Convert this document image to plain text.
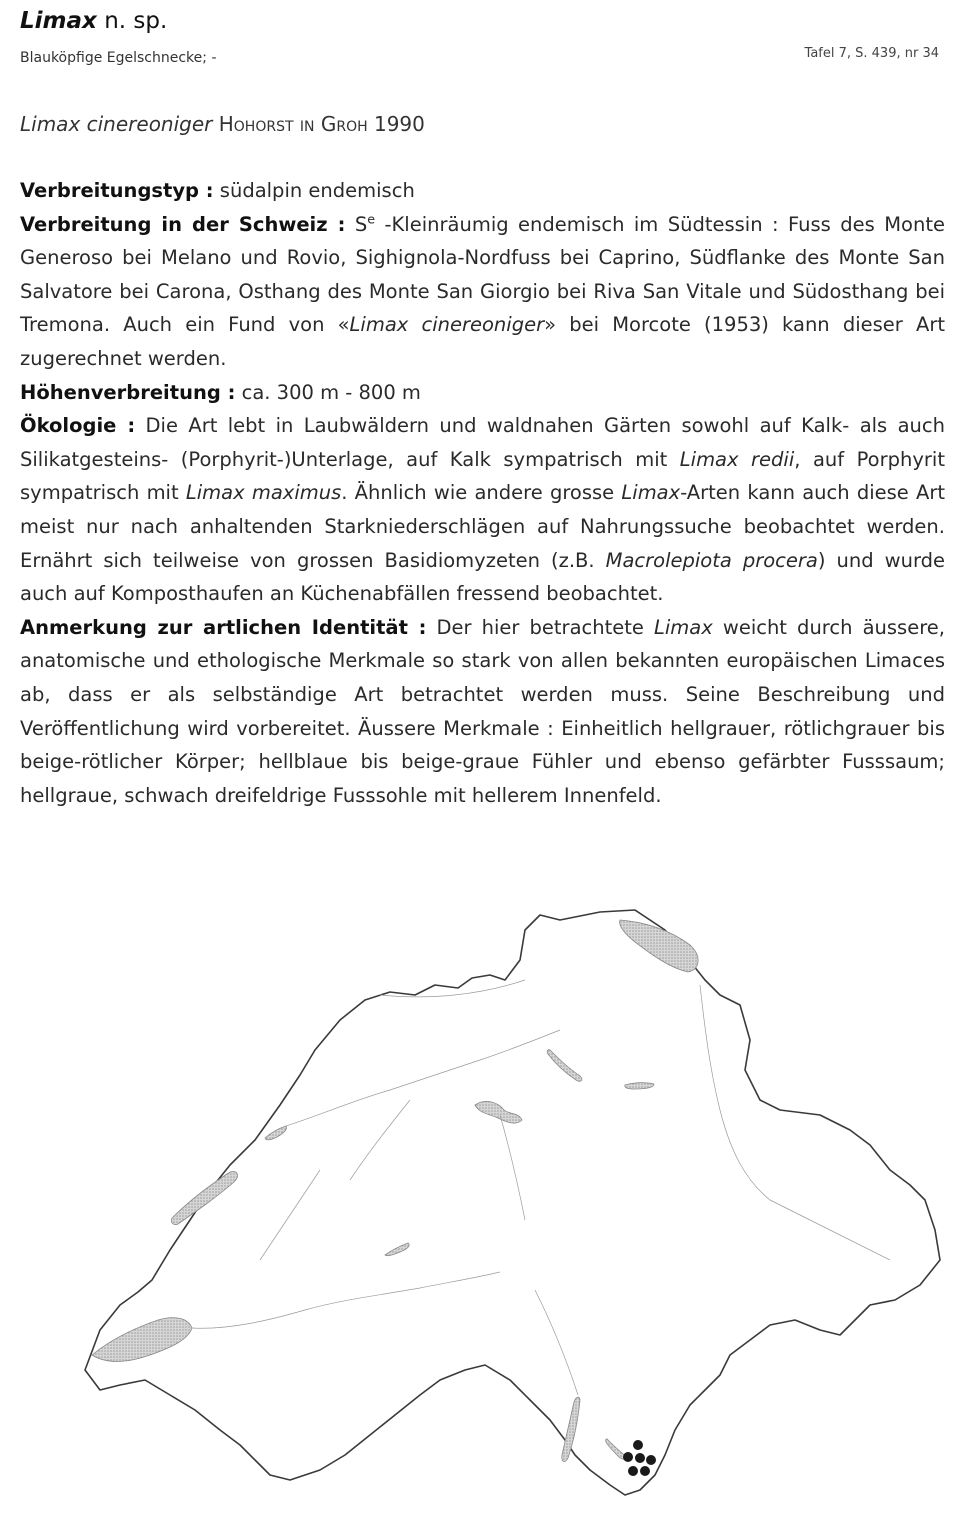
Limax n. sp.
Blauköpfige Egelschnecke; -	Tafel 7, S. 439, nr 34
Limax cinereoniger Hohorst in Groh 1990

Verbreitungstyp : südalpin endemisch

Verbreitung in der Schweiz : $S^e$ -Kleinräumig endemisch im Südtessin : Fuss des Monte Generoso bei Melano und Rovio, Sighignola-Nordfuss bei Caprino, Südflanke des Monte San Salvatore bei Carona, Osthang des Monte San Giorgio bei Riva San Vitale und Südosthang bei Tremona. Auch ein Fund von «Limax cinereoniger» bei Morcote (1953) kann dieser Art zugerechnet werden.

Höhenverbreitung : ca. 300 m - 800 m

Ökologie : Die Art lebt in Laubwäldern und waldnahen Gärten sowohl auf Kalk- als auch Silikatgesteins- (Porphyrit-)Unterlage, auf Kalk sympatrisch mit Limax redii, auf Porphyrit sympatrisch mit Limax maximus. Ähnlich wie andere grosse Limax-Arten kann auch diese Art meist nur nach anhaltenden Starkniederschlägen auf Nahrungssuche beobachtet werden. Ernährt sich teilweise von grossen Basidiomyzeten (z.B. Macrolepiota procera) und wurde auch auf Komposthaufen an Küchenabfällen fressend beobachtet.

Anmerkung zur artlichen Identität : Der hier betrachtete Limax weicht durch äussere, anatomische und ethologische Merkmale so stark von allen bekannten europäischen Limaces ab, dass er als selbständige Art betrachtet werden muss. Seine Beschreibung und Veröffentlichung wird vorbereitet. Äussere Merkmale : Einheitlich hellgrauer, rötlichgrauer bis beige-rötlicher Körper; hellblaue bis beige-graue Fühler und ebenso gefärbter Fusssaum; hellgraue, schwach dreifeldrige Fusssohle mit hellerem Innenfeld.
